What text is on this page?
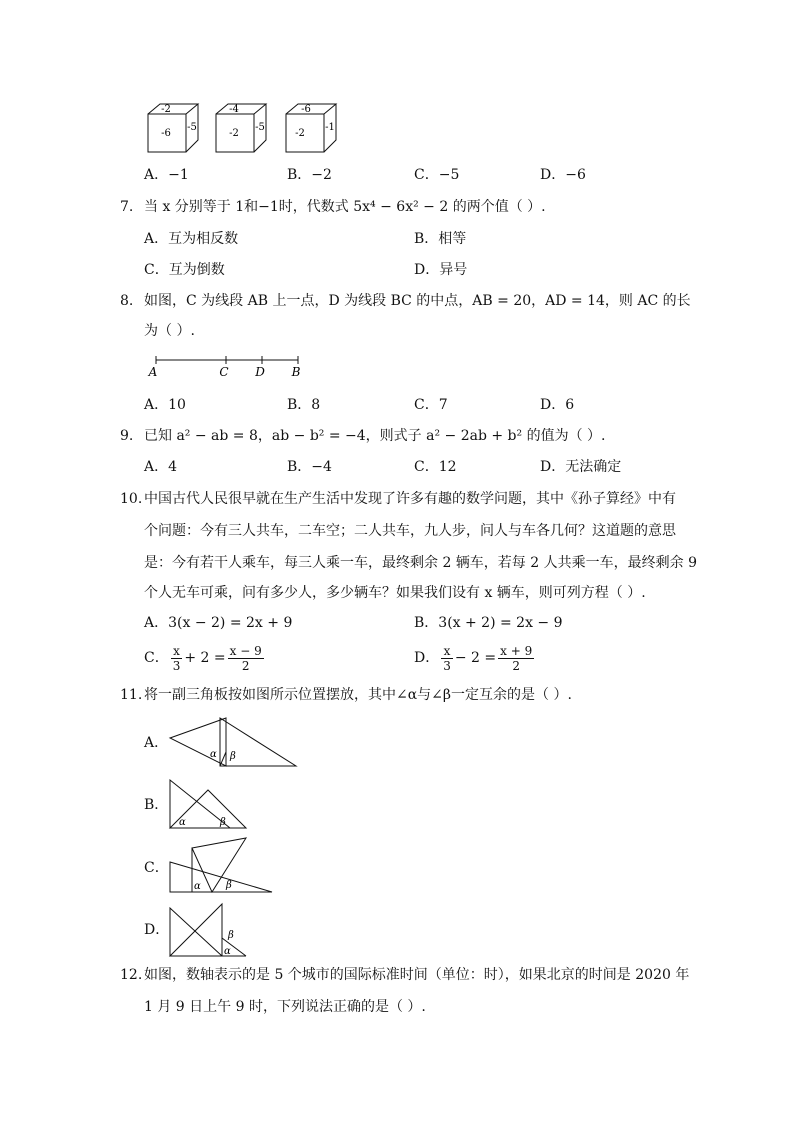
-2
-6
-5
-4
-2
-5
-6
-2
-1
A．−1	B．−2	C．−5	D．−6
7. 当 x 分别等于 1和−1时，代数式 5x⁴ − 6x² − 2 的两个值（ ）.
A．互为相反数	B．相等
C．互为倒数	D．异号
8. 如图，C 为线段 AB 上一点，D 为线段 BC 的中点，AB = 20，AD = 14，则 AC 的长
为（ ）.
A	C D B
A．10	B．8	C．7	D．6
9. 已知 a² − ab = 8，ab − b² = −4，则式子 a² − 2ab + b² 的值为（ ）.
A．4	B．−4	C．12	D．无法确定
10. 中国古代人民很早就在生产生活中发现了许多有趣的数学问题，其中《孙子算经》中有
个问题：今有三人共车，二车空；二人共车，九人步，问人与车各几何？这道题的意思
是：今有若干人乘车，每三人乘一车，最终剩余 2 辆车，若每 2 人共乘一车，最终剩余 9
个人无车可乘，问有多少人，多少辆车？如果我们设有 x 辆车，则可列方程（ ）.
A．3(x − 2) = 2x + 9	B．3(x + 2) = 2x − 9
C． $\frac{x}{3} + 2 = \frac{x - 9}{2}$	D． $\frac{x}{3} - 2 = \frac{x + 9}{2}$
11. 将一副三角板按如图所示位置摆放，其中∠α与∠β一定互余的是（ ）.
A．
α β
B．
α	β
C．
α	β
D．	β
α
12. 如图，数轴表示的是 5 个城市的国际标准时间（单位：时），如果北京的时间是 2020 年
1 月 9 日上午 9 时，下列说法正确的是（ ）.
